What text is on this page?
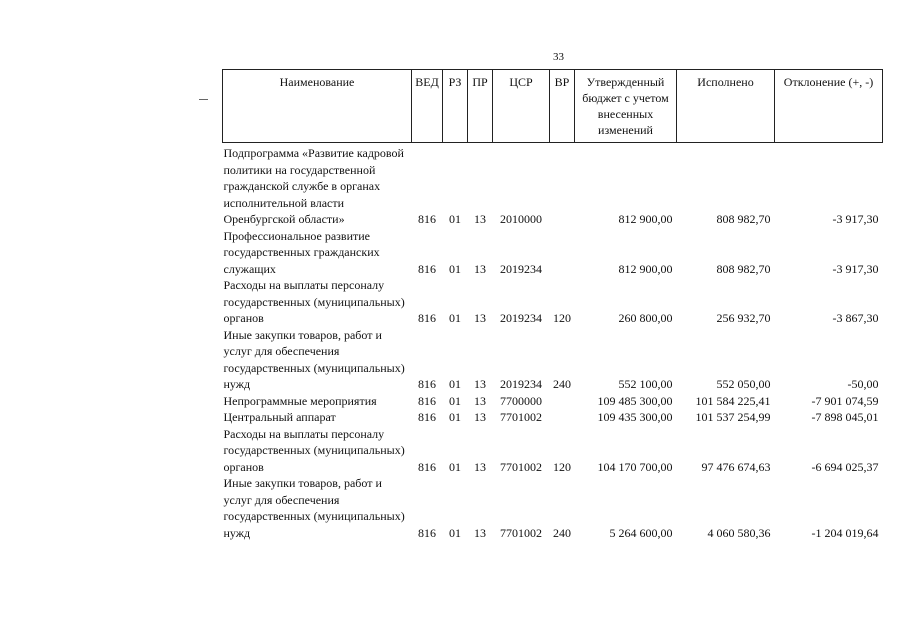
33
Наименование	ВЕД	РЗ	ПР	ЦСР	ВР	Утвержденный бюджет с учетом внесенных изменений	Исполнено	Отклонение (+, -)
Подпрограмма «Развитие кадровой политики на государственной гражданской службе в органах исполнительной власти Оренбургской области»	816	01	13	2010000		812 900,00	808 982,70	-3 917,30
Профессиональное развитие государственных гражданских служащих	816	01	13	2019234		812 900,00	808 982,70	-3 917,30
Расходы на выплаты персоналу государственных (муниципальных) органов	816	01	13	2019234	120	260 800,00	256 932,70	-3 867,30
Иные закупки товаров, работ и услуг для обеспечения государственных (муниципальных) нужд	816	01	13	2019234	240	552 100,00	552 050,00	-50,00
Непрограммные мероприятия	816	01	13	7700000		109 485 300,00	101 584 225,41	-7 901 074,59
Центральный аппарат	816	01	13	7701002		109 435 300,00	101 537 254,99	-7 898 045,01
Расходы на выплаты персоналу государственных (муниципальных) органов	816	01	13	7701002	120	104 170 700,00	97 476 674,63	-6 694 025,37
Иные закупки товаров, работ и услуг для обеспечения государственных (муниципальных) нужд	816	01	13	7701002	240	5 264 600,00	4 060 580,36	-1 204 019,64
